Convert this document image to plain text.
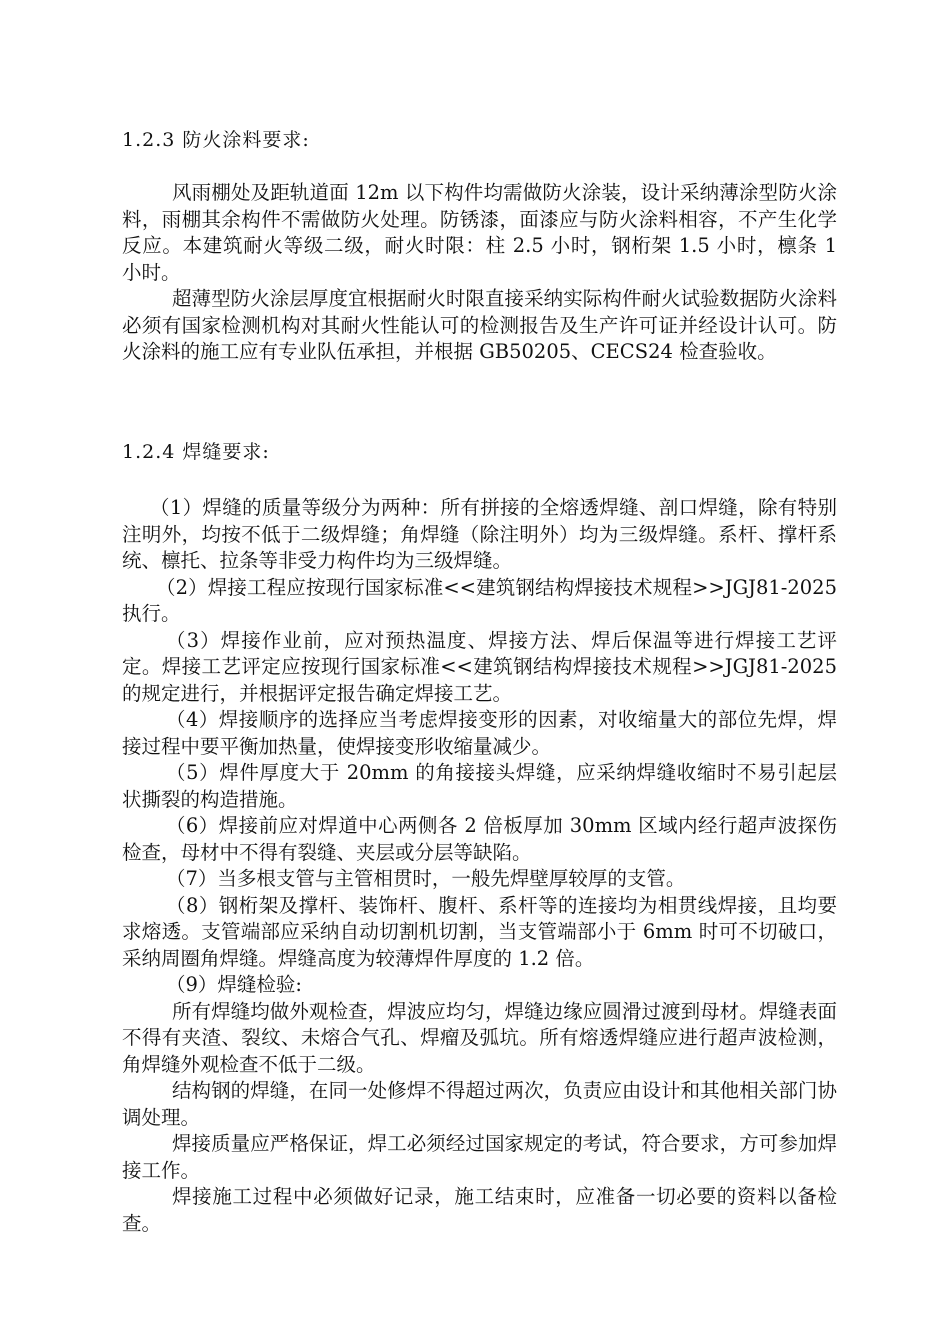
1.2.3 防火涂料要求:

风雨棚处及距轨道面 12m 以下构件均需做防火涂装，设计采纳薄涂型防火涂料，雨棚其余构件不需做防火处理。防锈漆，面漆应与防火涂料相容，不产生化学反应。本建筑耐火等级二级，耐火时限：柱 2.5 小时，钢桁架 1.5 小时，檩条 1 小时。

超薄型防火涂层厚度宜根据耐火时限直接采纳实际构件耐火试验数据防火涂料必须有国家检测机构对其耐火性能认可的检测报告及生产许可证并经设计认可。防火涂料的施工应有专业队伍承担，并根据 GB50205、CECS24 检查验收。

1.2.4 焊缝要求:

（1）焊缝的质量等级分为两种：所有拼接的全熔透焊缝、剖口焊缝，除有特别注明外，均按不低于二级焊缝；角焊缝（除注明外）均为三级焊缝。系杆、撑杆系统、檩托、拉条等非受力构件均为三级焊缝。

（2）焊接工程应按现行国家标准<<建筑钢结构焊接技术规程>>JGJ81-2025 执行。

（3）焊接作业前，应对预热温度、焊接方法、焊后保温等进行焊接工艺评定。焊接工艺评定应按现行国家标准<<建筑钢结构焊接技术规程>>JGJ81-2025 的规定进行，并根据评定报告确定焊接工艺。

（4）焊接顺序的选择应当考虑焊接变形的因素，对收缩量大的部位先焊，焊接过程中要平衡加热量，使焊接变形收缩量减少。

（5）焊件厚度大于 20mm 的角接接头焊缝，应采纳焊缝收缩时不易引起层状撕裂的构造措施。

（6）焊接前应对焊道中心两侧各 2 倍板厚加 30mm 区域内经行超声波探伤检查，母材中不得有裂缝、夹层或分层等缺陷。

（7）当多根支管与主管相贯时，一般先焊壁厚较厚的支管。

（8）钢桁架及撑杆、装饰杆、腹杆、系杆等的连接均为相贯线焊接，且均要求熔透。支管端部应采纳自动切割机切割，当支管端部小于 6mm 时可不切破口，采纳周圈角焊缝。焊缝高度为较薄焊件厚度的 1.2 倍。

（9）焊缝检验:

所有焊缝均做外观检查，焊波应均匀，焊缝边缘应圆滑过渡到母材。焊缝表面不得有夹渣、裂纹、未熔合气孔、焊瘤及弧坑。所有熔透焊缝应进行超声波检测，角焊缝外观检查不低于二级。

结构钢的焊缝，在同一处修焊不得超过两次，负责应由设计和其他相关部门协调处理。

焊接质量应严格保证，焊工必须经过国家规定的考试，符合要求，方可参加焊接工作。

焊接施工过程中必须做好记录，施工结束时，应准备一切必要的资料以备检查。
